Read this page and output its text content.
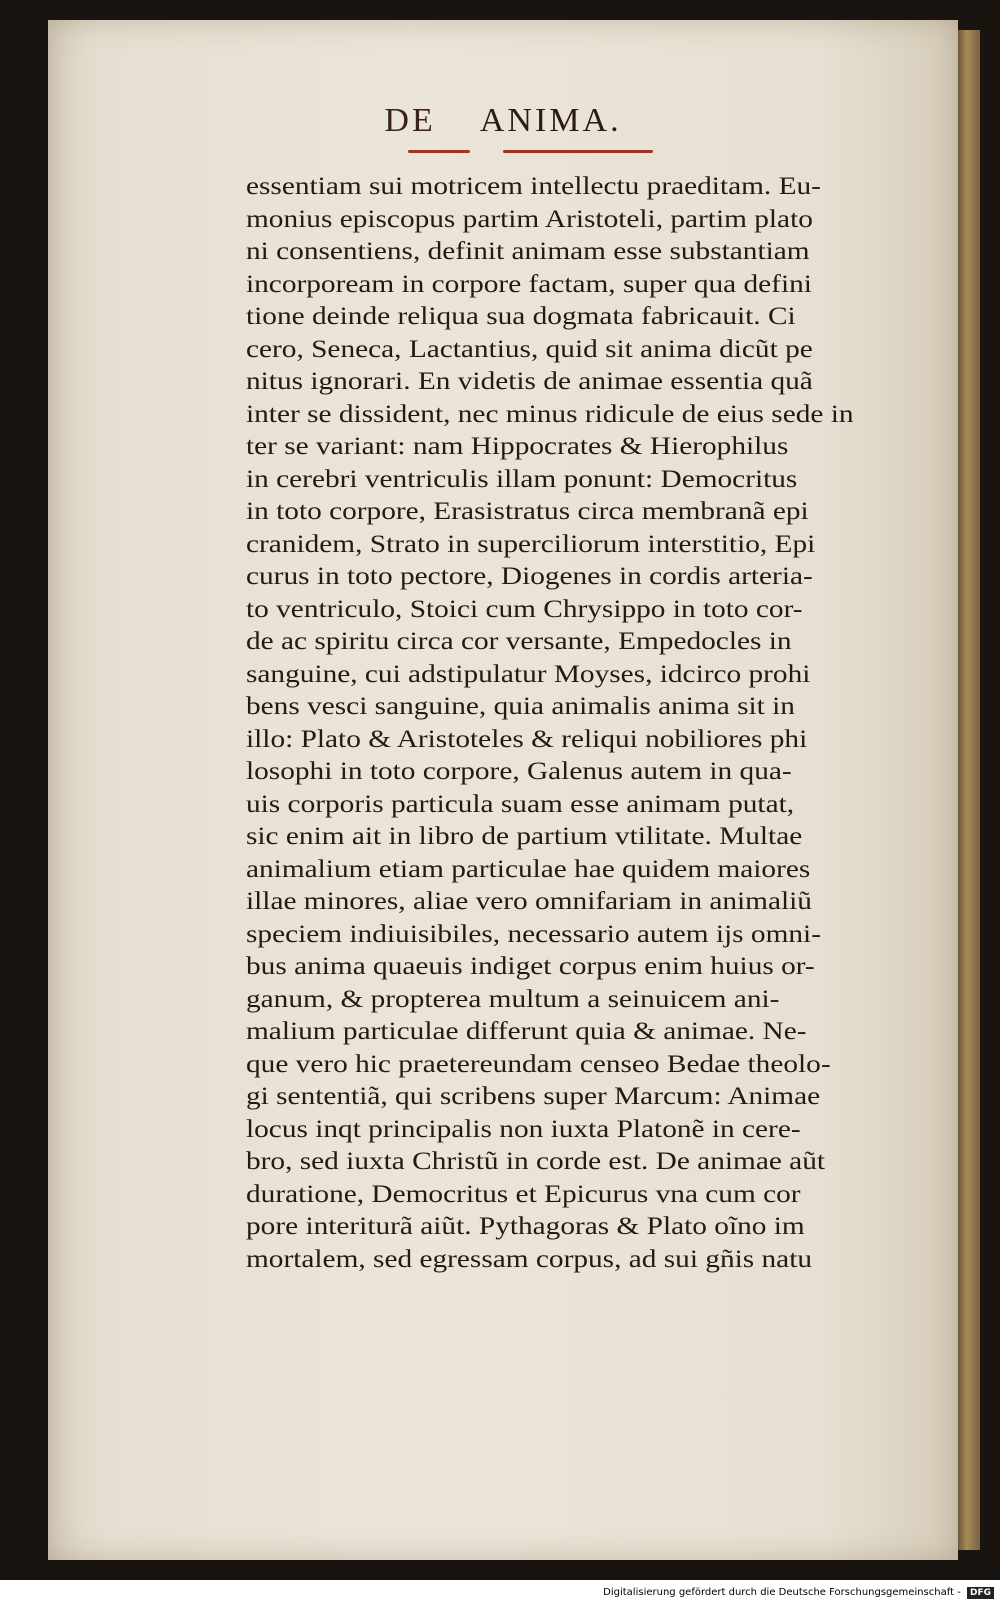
DE ANIMA.
essentiam sui motricem intellectu praeditam. Eu-
monius episcopus partim Aristoteli, partim plato
ni consentiens, definit animam esse substantiam
incorpoream in corpore factam, super qua defini
tione deinde reliqua sua dogmata fabricauit. Ci
cero, Seneca, Lactantius, quid sit anima dicũt pe
nitus ignorari. En videtis de animae essentia quã
inter se dissident, nec minus ridicule de eius sede in
ter se variant: nam Hippocrates & Hierophilus
in cerebri ventriculis illam ponunt: Democritus
in toto corpore, Erasistratus circa membranã epi
cranidem, Strato in superciliorum interstitio, Epi
curus in toto pectore, Diogenes in cordis arteria-
to ventriculo, Stoici cum Chrysippo in toto cor-
de ac spiritu circa cor versante, Empedocles in
sanguine, cui adstipulatur Moyses, idcirco prohi
bens vesci sanguine, quia animalis anima sit in
illo: Plato & Aristoteles & reliqui nobiliores phi
losophi in toto corpore, Galenus autem in qua-
uis corporis particula suam esse animam putat,
sic enim ait in libro de partium vtilitate. Multae
animalium etiam particulae hae quidem maiores
illae minores, aliae vero omnifariam in animaliũ
speciem indiuisibiles, necessario autem ijs omni-
bus anima quaeuis indiget corpus enim huius or-
ganum, & propterea multum a seinuicem ani-
malium particulae differunt quia & animae. Ne-
que vero hic praetereundam censeo Bedae theolo-
gi sententiã, qui scribens super Marcum: Animae
locus inqt principalis non iuxta Platonẽ in cere-
bro, sed iuxta Christũ in corde est. De animae aũt
duratione, Democritus et Epicurus vna cum cor
pore interiturã aiũt. Pythagoras & Plato oĩno im
mortalem, sed egressam corpus, ad sui gñis natu
Digitalisierung gefördert durch die Deutsche Forschungsgemeinschaft - DFG
